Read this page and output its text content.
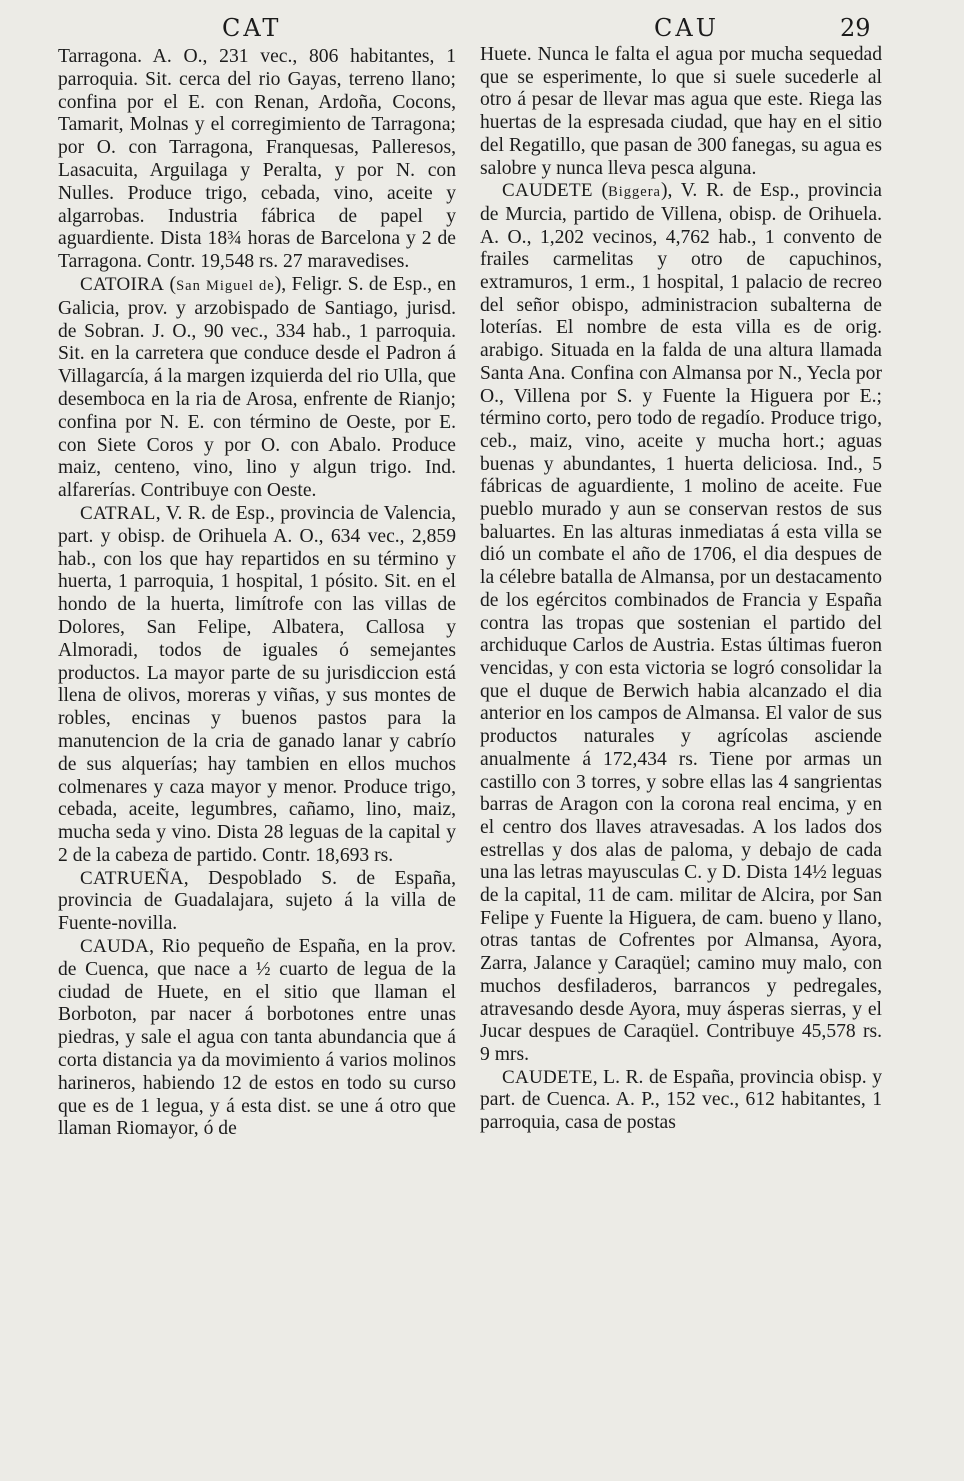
CAT	CAU	29

Tarragona. A. O., 231 vec., 806 habitantes, 1 parroquia. Sit. cerca del rio Gayas, terreno llano; confina por el E. con Renan, Ardoña, Cocons, Tamarit, Molnas y el corregimiento de Tarragona; por O. con Tarragona, Franquesas, Palleresos, Lasacuita, Arguilaga y Peralta, y por N. con Nulles. Produce trigo, cebada, vino, aceite y algarrobas. Industria fábrica de papel y aguardiente. Dista 18¾ horas de Barcelona y 2 de Tarragona. Contr. 19,548 rs. 27 maravedises.

CATOIRA (San Miguel de), Feligr. S. de Esp., en Galicia, prov. y arzobispado de Santiago, jurisd. de Sobran. J. O., 90 vec., 334 hab., 1 parroquia. Sit. en la carretera que conduce desde el Padron á Villagarcía, á la margen izquierda del rio Ulla, que desemboca en la ria de Arosa, enfrente de Rianjo; confina por N. E. con término de Oeste, por E. con Siete Coros y por O. con Abalo. Produce maiz, centeno, vino, lino y algun trigo. Ind. alfarerías. Contribuye con Oeste.

CATRAL, V. R. de Esp., provincia de Valencia, part. y obisp. de Orihuela A. O., 634 vec., 2,859 hab., con los que hay repartidos en su término y huerta, 1 parroquia, 1 hospital, 1 pósito. Sit. en el hondo de la huerta, limítrofe con las villas de Dolores, San Felipe, Albatera, Callosa y Almoradi, todos de iguales ó semejantes productos. La mayor parte de su jurisdiccion está llena de olivos, moreras y viñas, y sus montes de robles, encinas y buenos pastos para la manutencion de la cria de ganado lanar y cabrío de sus alquerías; hay tambien en ellos muchos colmenares y caza mayor y menor. Produce trigo, cebada, aceite, legumbres, cañamo, lino, maiz, mucha seda y vino. Dista 28 leguas de la capital y 2 de la cabeza de partido. Contr. 18,693 rs.

CATRUEÑA, Despoblado S. de España, provincia de Guadalajara, sujeto á la villa de Fuente-novilla.

CAUDA, Rio pequeño de España, en la prov. de Cuenca, que nace a ½ cuarto de legua de la ciudad de Huete, en el sitio que llaman el Borboton, par nacer á borbotones entre unas piedras, y sale el agua con tanta abundancia que á corta distancia ya da movimiento á varios molinos harineros, habiendo 12 de estos en todo su curso que es de 1 legua, y á esta dist. se une á otro que llaman Riomayor, ó de

Huete. Nunca le falta el agua por mucha sequedad que se esperimente, lo que si suele sucederle al otro á pesar de llevar mas agua que este. Riega las huertas de la espresada ciudad, que hay en el sitio del Regatillo, que pasan de 300 fanegas, su agua es salobre y nunca lleva pesca alguna.

CAUDETE (Biggera), V. R. de Esp., provincia de Murcia, partido de Villena, obisp. de Orihuela. A. O., 1,202 vecinos, 4,762 hab., 1 convento de frailes carmelitas y otro de capuchinos, extramuros, 1 erm., 1 hospital, 1 palacio de recreo del señor obispo, administracion subalterna de loterías. El nombre de esta villa es de orig. arabigo. Situada en la falda de una altura llamada Santa Ana. Confina con Almansa por N., Yecla por O., Villena por S. y Fuente la Higuera por E.; término corto, pero todo de regadío. Produce trigo, ceb., maiz, vino, aceite y mucha hort.; aguas buenas y abundantes, 1 huerta deliciosa. Ind., 5 fábricas de aguardiente, 1 molino de aceite. Fue pueblo murado y aun se conservan restos de sus baluartes. En las alturas inmediatas á esta villa se dió un combate el año de 1706, el dia despues de la célebre batalla de Almansa, por un destacamento de los egércitos combinados de Francia y España contra las tropas que sostenian el partido del archiduque Carlos de Austria. Estas últimas fueron vencidas, y con esta victoria se logró consolidar la que el duque de Berwich habia alcanzado el dia anterior en los campos de Almansa. El valor de sus productos naturales y agrícolas asciende anualmente á 172,434 rs. Tiene por armas un castillo con 3 torres, y sobre ellas las 4 sangrientas barras de Aragon con la corona real encima, y en el centro dos llaves atravesadas. A los lados dos estrellas y dos alas de paloma, y debajo de cada una las letras mayusculas C. y D. Dista 14½ leguas de la capital, 11 de cam. militar de Alcira, por San Felipe y Fuente la Higuera, de cam. bueno y llano, otras tantas de Cofrentes por Almansa, Ayora, Zarra, Jalance y Caraqüel; camino muy malo, con muchos desfiladeros, barrancos y pedregales, atravesando desde Ayora, muy ásperas sierras, y el Jucar despues de Caraqüel. Contribuye 45,578 rs. 9 mrs.

CAUDETE, L. R. de España, provincia obisp. y part. de Cuenca. A. P., 152 vec., 612 habitantes, 1 parroquia, casa de postas
